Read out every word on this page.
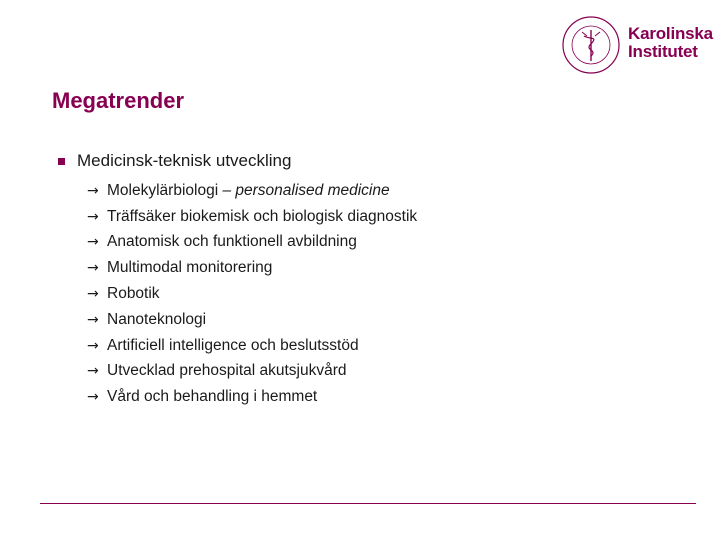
Karolinska
Institutet
Megatrender
Medicinsk-teknisk utveckling
→ Molekylärbiologi – personalised medicine
→ Träffsäker biokemisk och biologisk diagnostik
→ Anatomisk och funktionell avbildning
→ Multimodal monitorering
→ Robotik
→ Nanoteknologi
→ Artificiell intelligence och beslutsstöd
→ Utvecklad prehospital akutsjukvård
→ Vård och behandling i hemmet
